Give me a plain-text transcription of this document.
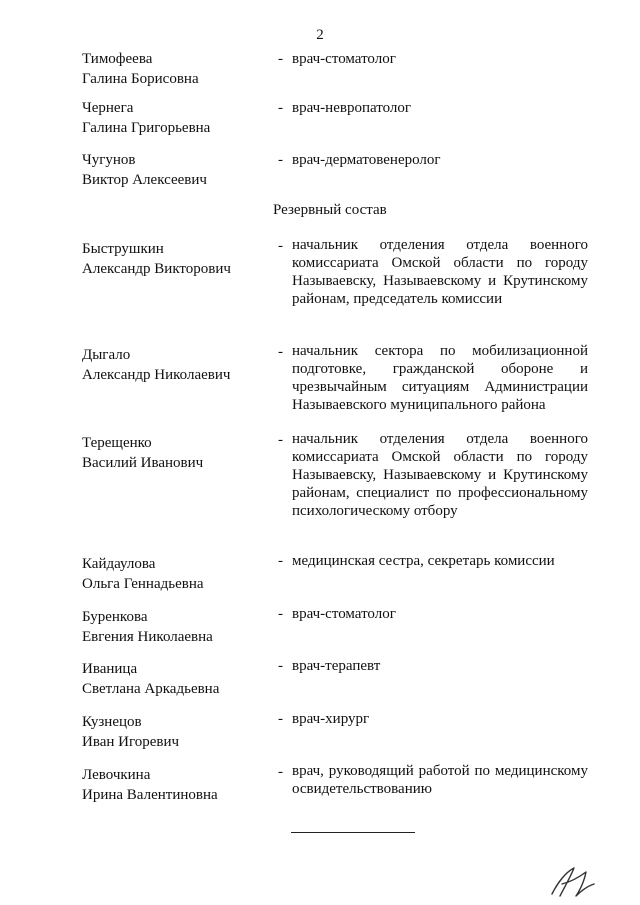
2
Тимофеева
Галина Борисовна
- врач-стоматолог
Чернега
Галина Григорьевна
- врач-невропатолог
Чугунов
Виктор Алексеевич
- врач-дерматовенеролог
Резервный состав
Быструшкин
Александр Викторович
- начальник отделения отдела военного комиссариата Омской области по городу Называевску, Называевскому и Крутинскому районам, председатель комиссии
Дыгало
Александр Николаевич
- начальник сектора по мобилизационной подготовке, гражданской обороне и чрезвычайным ситуациям Администрации Называевского муниципального района
Терещенко
Василий Иванович
- начальник отделения отдела военного комиссариата Омской области по городу Называевску, Называевскому и Крутинскому районам, специалист по профессиональному психологическому отбору
Кайдаулова
Ольга Геннадьевна
- медицинская сестра, секретарь комиссии
Буренкова
Евгения Николаевна
- врач-стоматолог
Иваница
Светлана Аркадьевна
- врач-терапевт
Кузнецов
Иван Игоревич
- врач-хирург
Левочкина
Ирина Валентиновна
- врач, руководящий работой по медицинскому освидетельствованию
